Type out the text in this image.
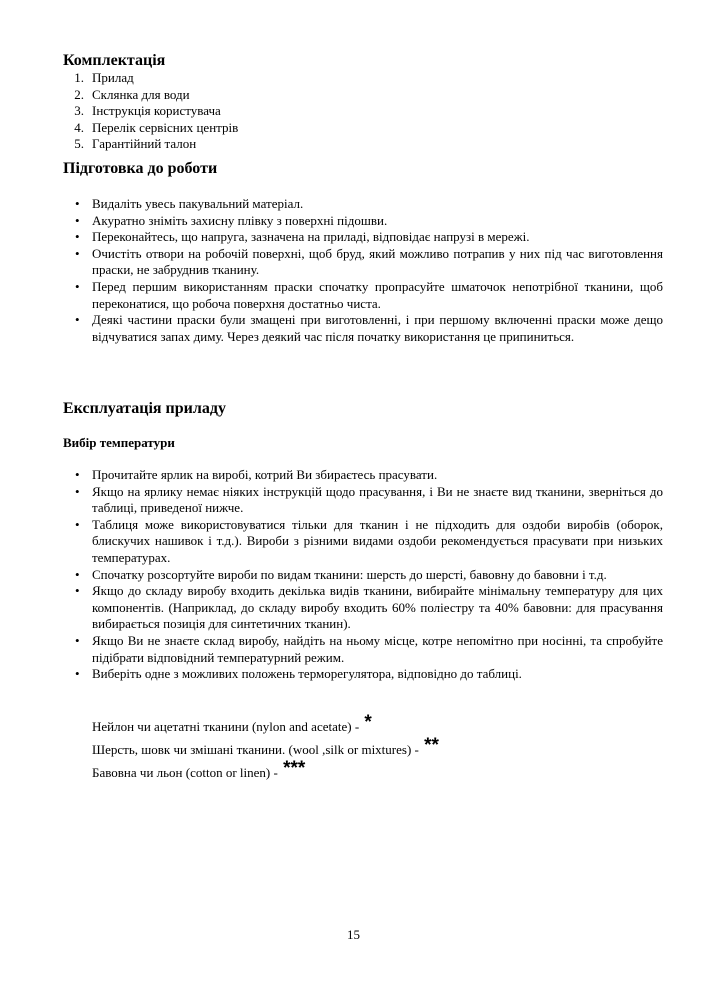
Комплектація
1. Прилад
2. Склянка для води
3. Інструкція користувача
4. Перелік сервісних центрів
5. Гарантійний талон
Підготовка до роботи
• Видаліть увесь пакувальний матеріал.
• Акуратно зніміть захисну плівку з поверхні підошви.
• Переконайтесь, що напруга, зазначена на приладі, відповідає напрузі в мережі.
• Очистіть отвори на робочій поверхні, щоб бруд, який можливо потрапив у них під час виготовлення праски, не забруднив тканину.
• Перед першим використанням праски спочатку пропрасуйте шматочок непотрібної тканини, щоб переконатися, що робоча поверхня достатньо чиста.
• Деякі частини праски були змащені при виготовленні, і при першому включенні праски може дещо відчуватися запах диму. Через деякий час після початку використання це припиниться.
Експлуатація приладу
Вибір температури
• Прочитайте ярлик на виробі, котрий Ви збираєтесь прасувати.
• Якщо на ярлику немає ніяких інструкцій щодо прасування, і Ви не знаєте вид тканини, зверніться до таблиці, приведеної нижче.
• Таблиця може використовуватися тільки для тканин і не підходить для оздоби виробів (оборок, блискучих нашивок і т.д.). Вироби з різними видами оздоби рекомендується прасувати при низьких температурах.
• Спочатку розсортуйте вироби по видам тканини: шерсть до шерсті, бавовну до бавовни і т.д.
• Якщо до складу виробу входить декілька видів тканини, вибирайте мінімальну температуру для цих компонентів. (Наприклад, до складу виробу входить 60% поліестру та 40% бавовни: для прасування вибирається позиція для синтетичних тканин).
• Якщо Ви не знаєте склад виробу, найдіть на ньому місце, котре непомітно при носінні, та спробуйте підібрати відповідний температурний режим.
• Виберіть одне з можливих положень терморегулятора, відповідно до таблиці.

Нейлон чи ацетатні тканини (nylon and acetate) - *

Шерсть, шовк чи змішані тканини. (wool ,silk or mixtures) - **

Бавовна чи льон (cotton or linen) - ***

15
